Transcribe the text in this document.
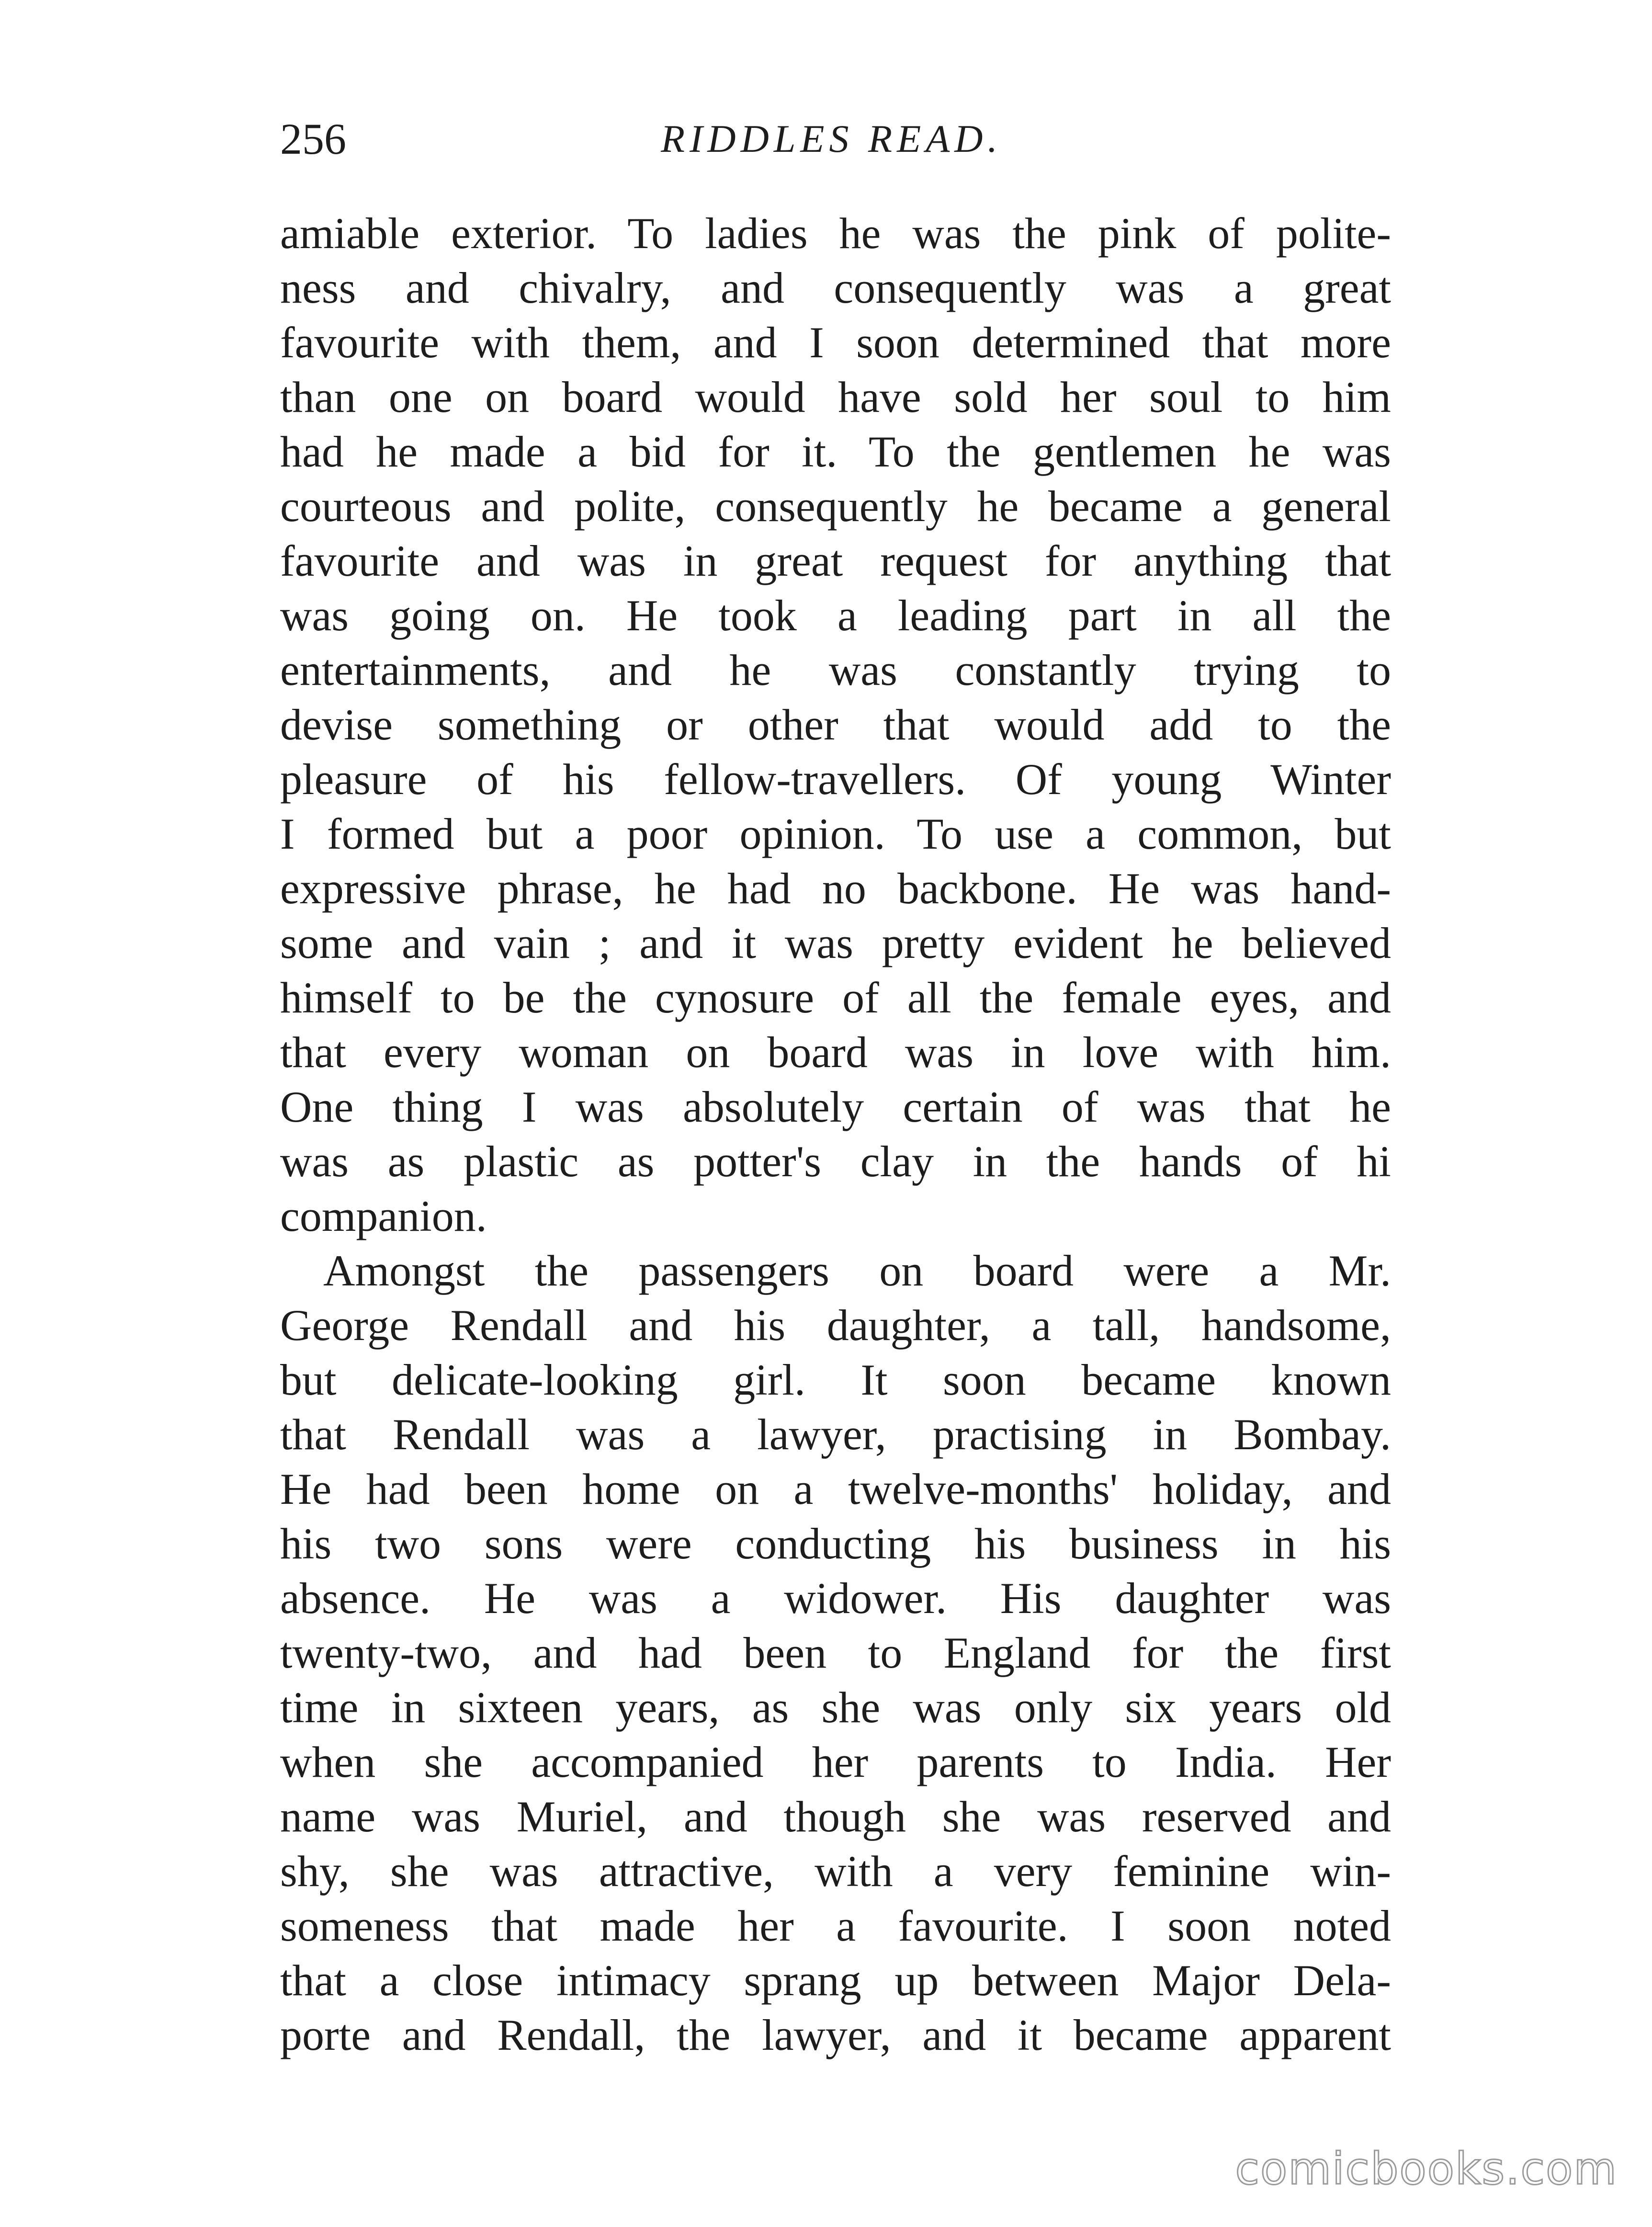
256	RIDDLES READ.
amiable exterior. To ladies he was the pink of polite-
ness and chivalry, and consequently was a great
favourite with them, and I soon determined that more
than one on board would have sold her soul to him
had he made a bid for it. To the gentlemen he was
courteous and polite, consequently he became a general
favourite and was in great request for anything that
was going on. He took a leading part in all the
entertainments, and he was constantly trying to
devise something or other that would add to the
pleasure of his fellow-travellers. Of young Winter
I formed but a poor opinion. To use a common, but
expressive phrase, he had no backbone. He was hand-
some and vain ; and it was pretty evident he believed
himself to be the cynosure of all the female eyes, and
that every woman on board was in love with him.
One thing I was absolutely certain of was that he
was as plastic as potter's clay in the hands of hi
companion.
Amongst the passengers on board were a Mr.
George Rendall and his daughter, a tall, handsome,
but delicate-looking girl. It soon became known
that Rendall was a lawyer, practising in Bombay.
He had been home on a twelve-months' holiday, and
his two sons were conducting his business in his
absence. He was a widower. His daughter was
twenty-two, and had been to England for the first
time in sixteen years, as she was only six years old
when she accompanied her parents to India. Her
name was Muriel, and though she was reserved and
shy, she was attractive, with a very feminine win-
someness that made her a favourite. I soon noted
that a close intimacy sprang up between Major Dela-
porte and Rendall, the lawyer, and it became apparent
comicbooks.com
